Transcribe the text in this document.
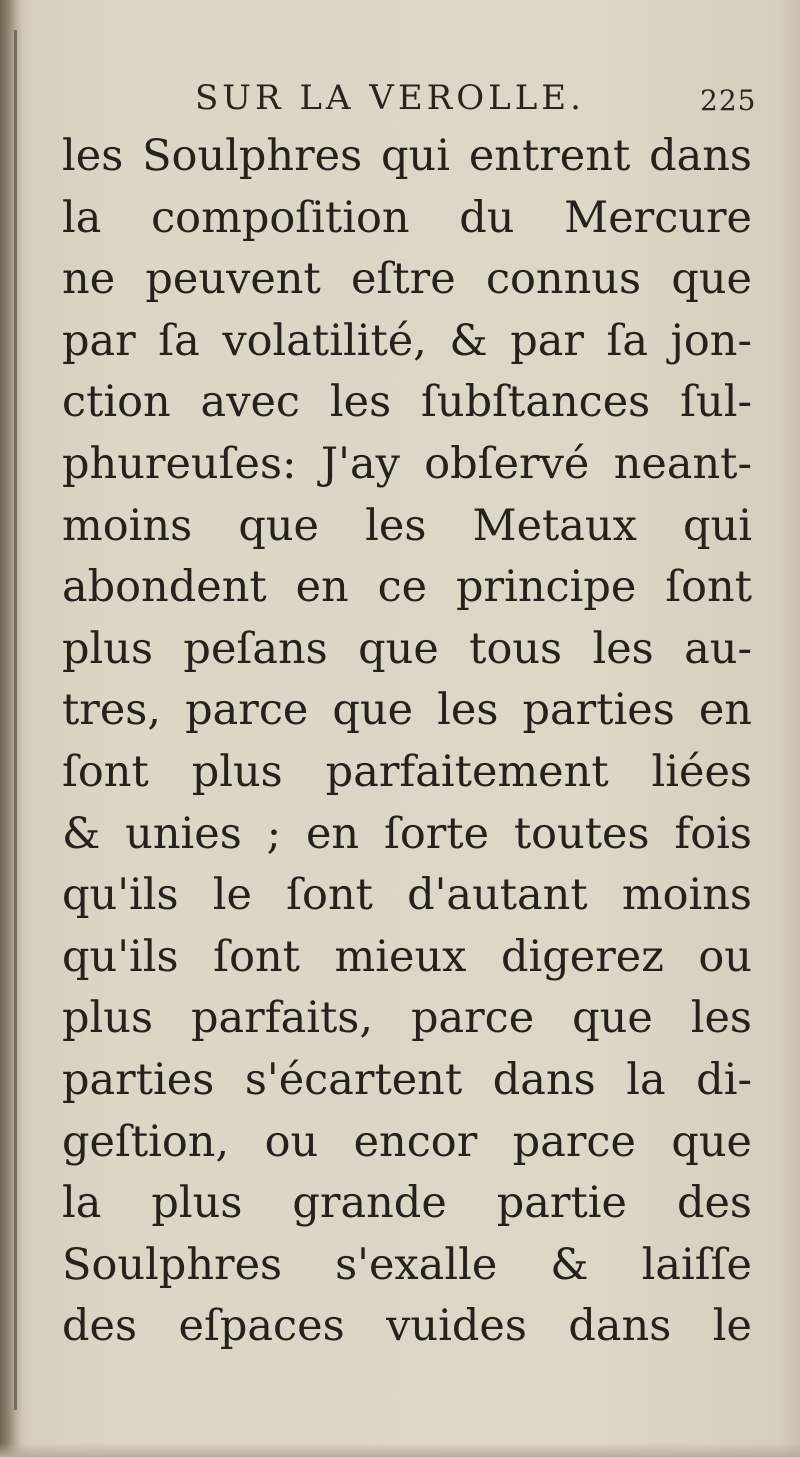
SUR LA VEROLLE.	225
les Soulphres qui entrent dans
la compoſition du Mercure
ne peuvent eſtre connus que
par ſa volatilité, & par ſa jon-
ction avec les ſubſtances ſul-
phureuſes: J'ay obſervé neant-
moins que les Metaux qui
abondent en ce principe ſont
plus peſans que tous les au-
tres, parce que les parties en
ſont plus parfaitement liées
& unies ; en ſorte toutes fois
qu'ils le ſont d'autant moins
qu'ils ſont mieux digerez ou
plus parfaits, parce que les
parties s'écartent dans la di-
geſtion, ou encor parce que
la plus grande partie des
Soulphres s'exalle & laiſſe
des eſpaces vuides dans le
